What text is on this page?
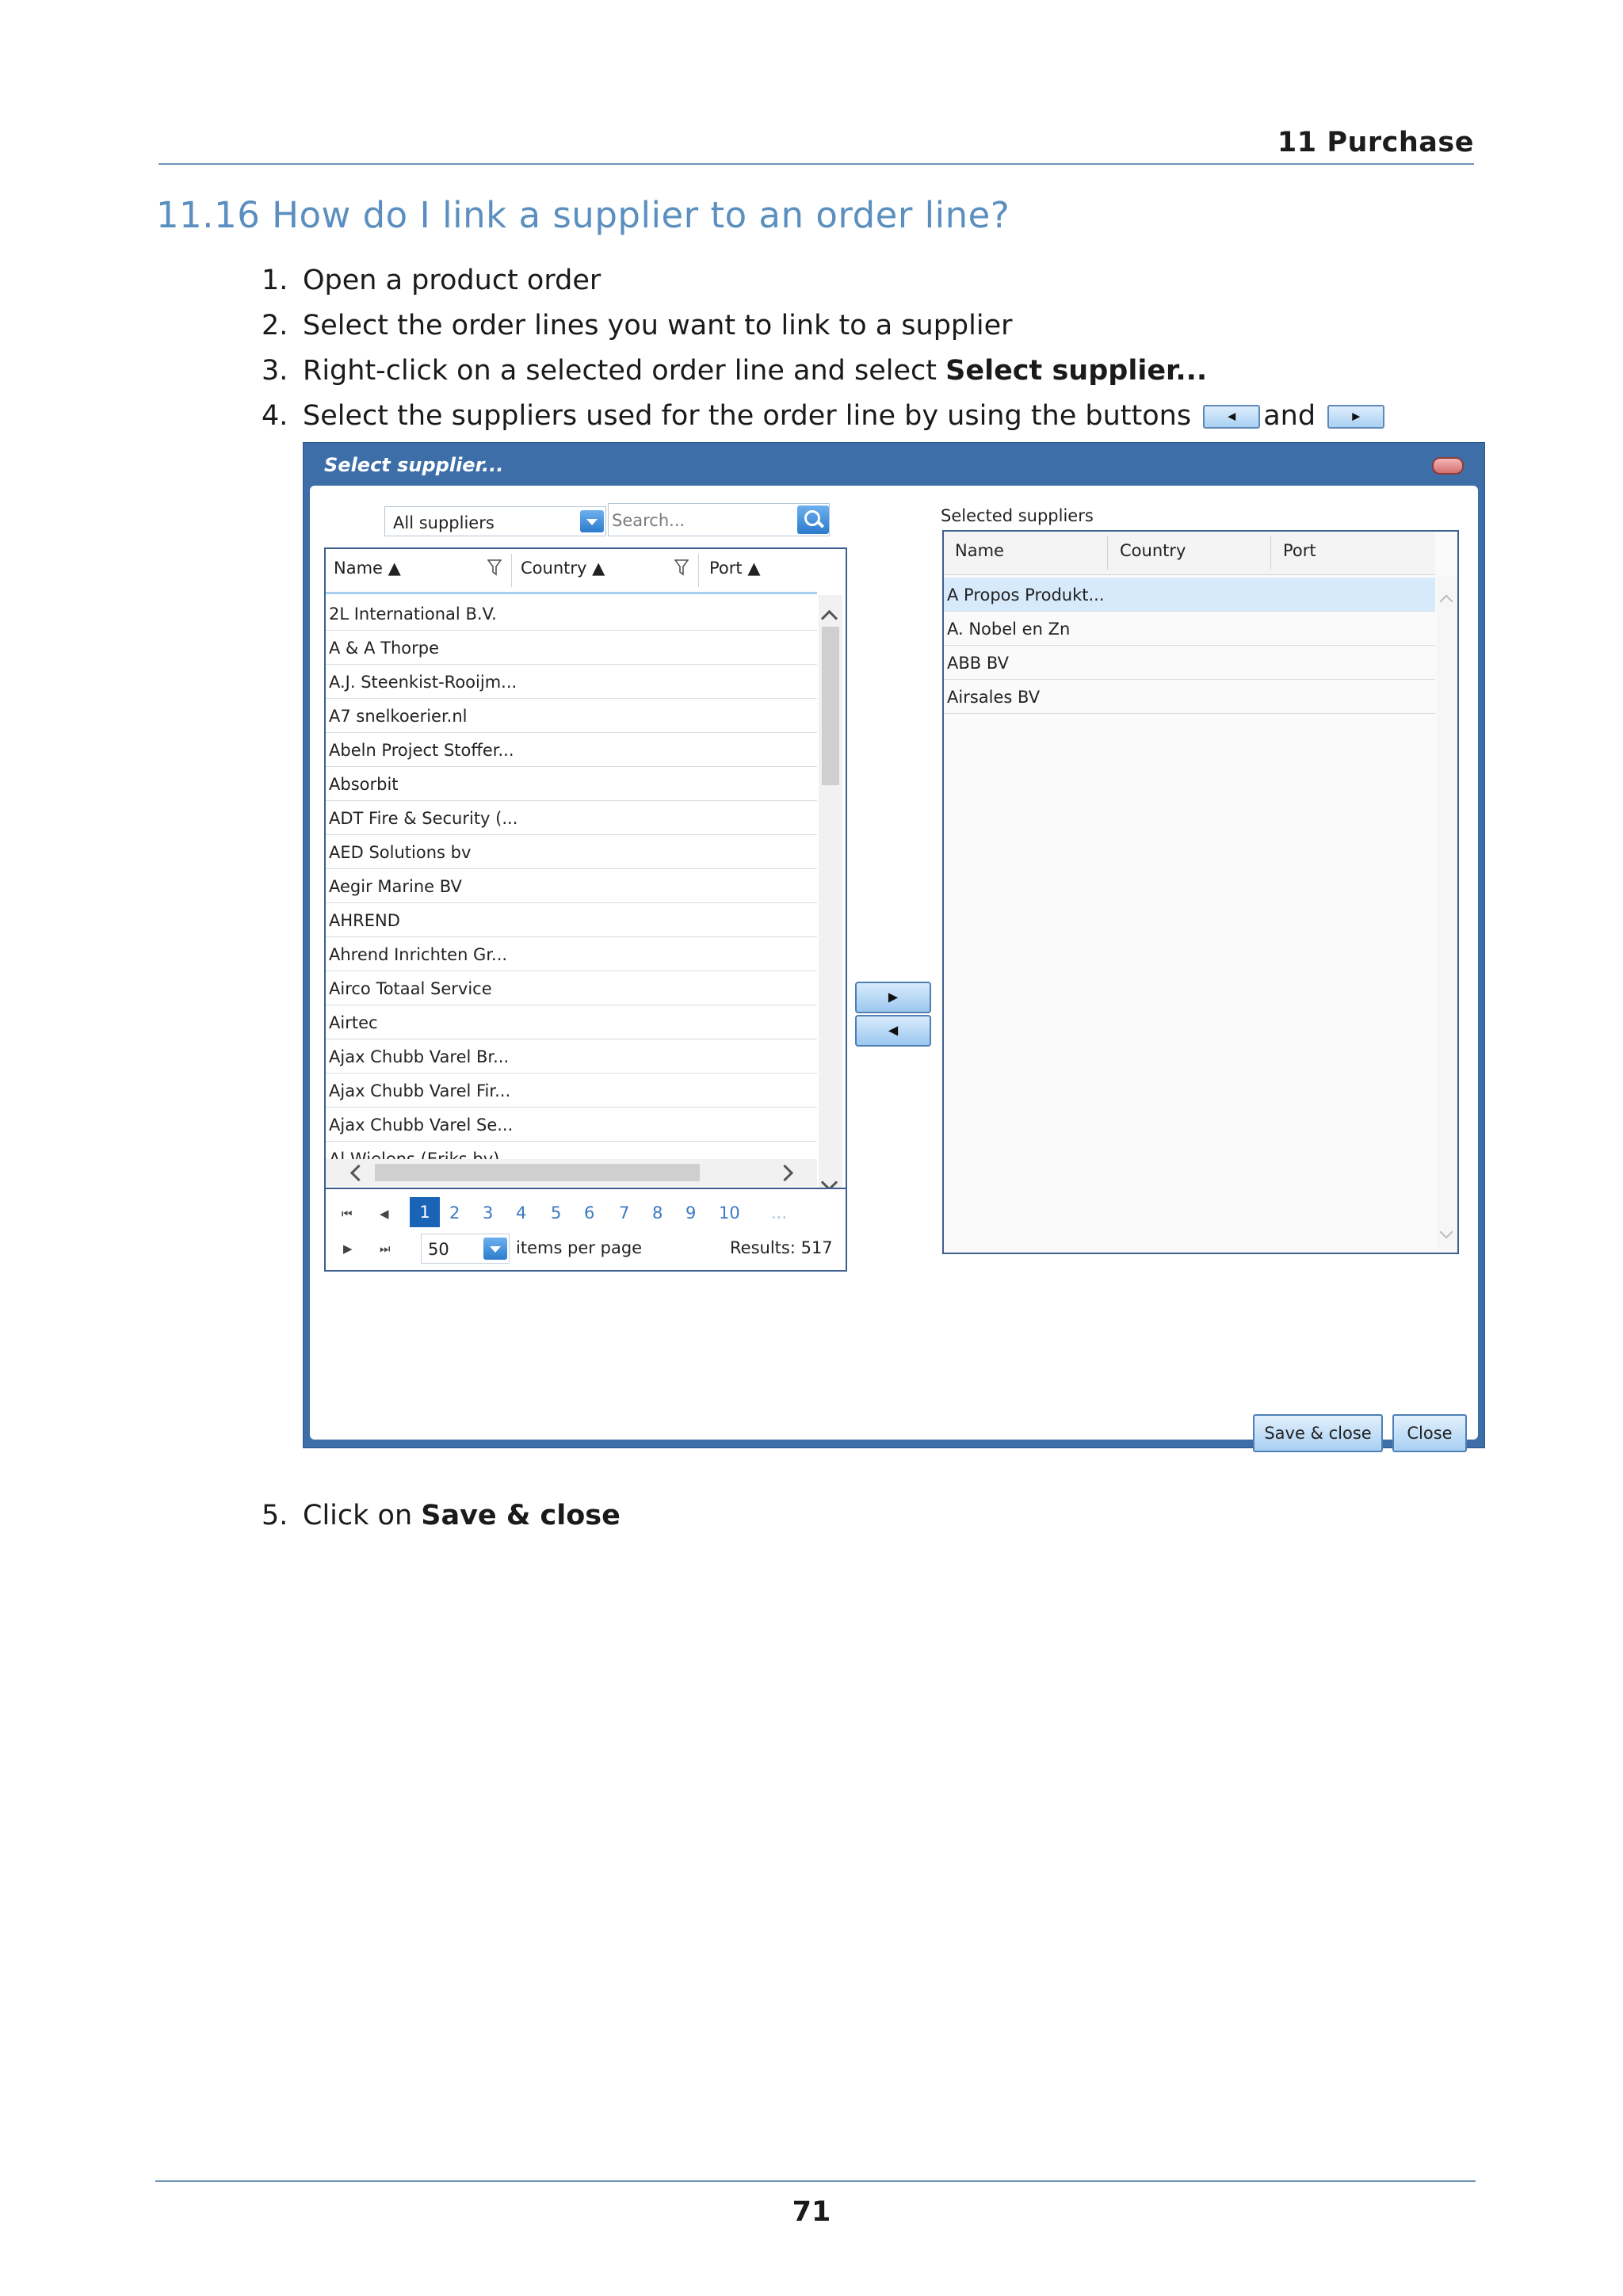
11 Purchase
11.16 How do I link a supplier to an order line?
1. Open a product order
2. Select the order lines you want to link to a supplier
3. Right-click on a selected order line and select Select supplier...
4. Select the suppliers used for the order line by using the buttons	◀ and	▶
Select supplier...
All suppliers	Search...
Name ▲	Country ▲	Port ▲
2L International B.V.
A & A Thorpe
A.J. Steenkist-Rooijm...
A7 snelkoerier.nl
Abeln Project Stoffer...
Absorbit
ADT Fire & Security (...
AED Solutions bv
Aegir Marine BV
AHREND
Ahrend Inrichten Gr...
Airco Totaal Service
Airtec
Ajax Chubb Varel Br...
Ajax Chubb Varel Fir...
Ajax Chubb Varel Se...
⏮ ◀	1	2 3 4 5 6 7 8 9 10 ...
▶ ⏭ 50	items per page	Results: 517
▶
◀
Selected suppliers
Name	Country	Port
A Propos Produkt...
A. Nobel en Zn
ABB BV
Airsales BV
Save & close	Close
5. Click on Save & close
71
